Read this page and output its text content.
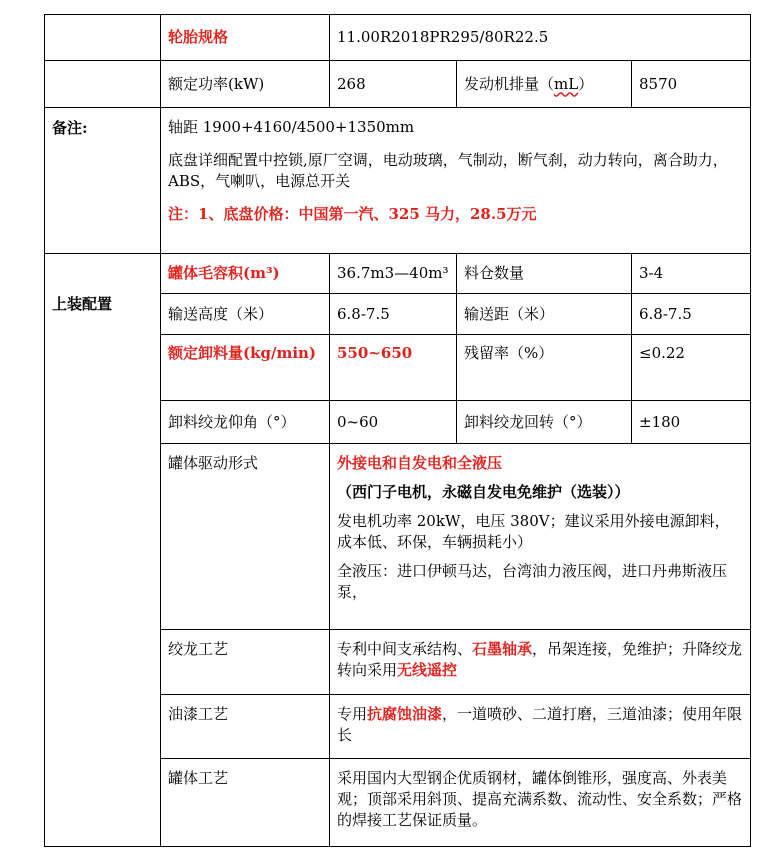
	轮胎规格	11.00R2018PR295/80R22.5		
	额定功率(kW)	268	发动机排量（mL）	8570
备注:	轴距 1900+4160/4500+1350mm

底盘详细配置中控锁,原厂空调，电动玻璃，气制动，断气刹，动力转向，离合助力，ABS，气喇叭，电源总开关

注：1、底盘价格：中国第一汽、325 马力，28.5万元			

上装配置	罐体毛容积(m³)	36.7m3—40m³	料仓数量	3-4
	输送高度（米）	6.8-7.5	输送距（米）	6.8-7.5
	额定卸料量(kg/min)	550~650	残留率（%）	≤0.22
	卸料绞龙仰角（°）	0~60	卸料绞龙回转（°）	±180
	罐体驱动形式	外接电和自发电和全液压

（西门子电机，永磁自发电免维护（选装））

发电机功率 20kW，电压 380V；建议采用外接电源卸料，成本低、环保，车辆损耗小）

全液压：进口伊顿马达，台湾油力液压阀，进口丹弗斯液压泵，		

	绞龙工艺	专利中间支承结构、石墨轴承，吊架连接，免维护；升降绞龙转向采用无线遥控		

	油漆工艺	专用抗腐蚀油漆，一道喷砂、二道打磨，三道油漆；使用年限长		

	罐体工艺	采用国内大型钢企优质钢材，罐体倒锥形，强度高、外表美观；顶部采用斜顶、提高充满系数、流动性、安全系数；严格的焊接工艺保证质量。		
